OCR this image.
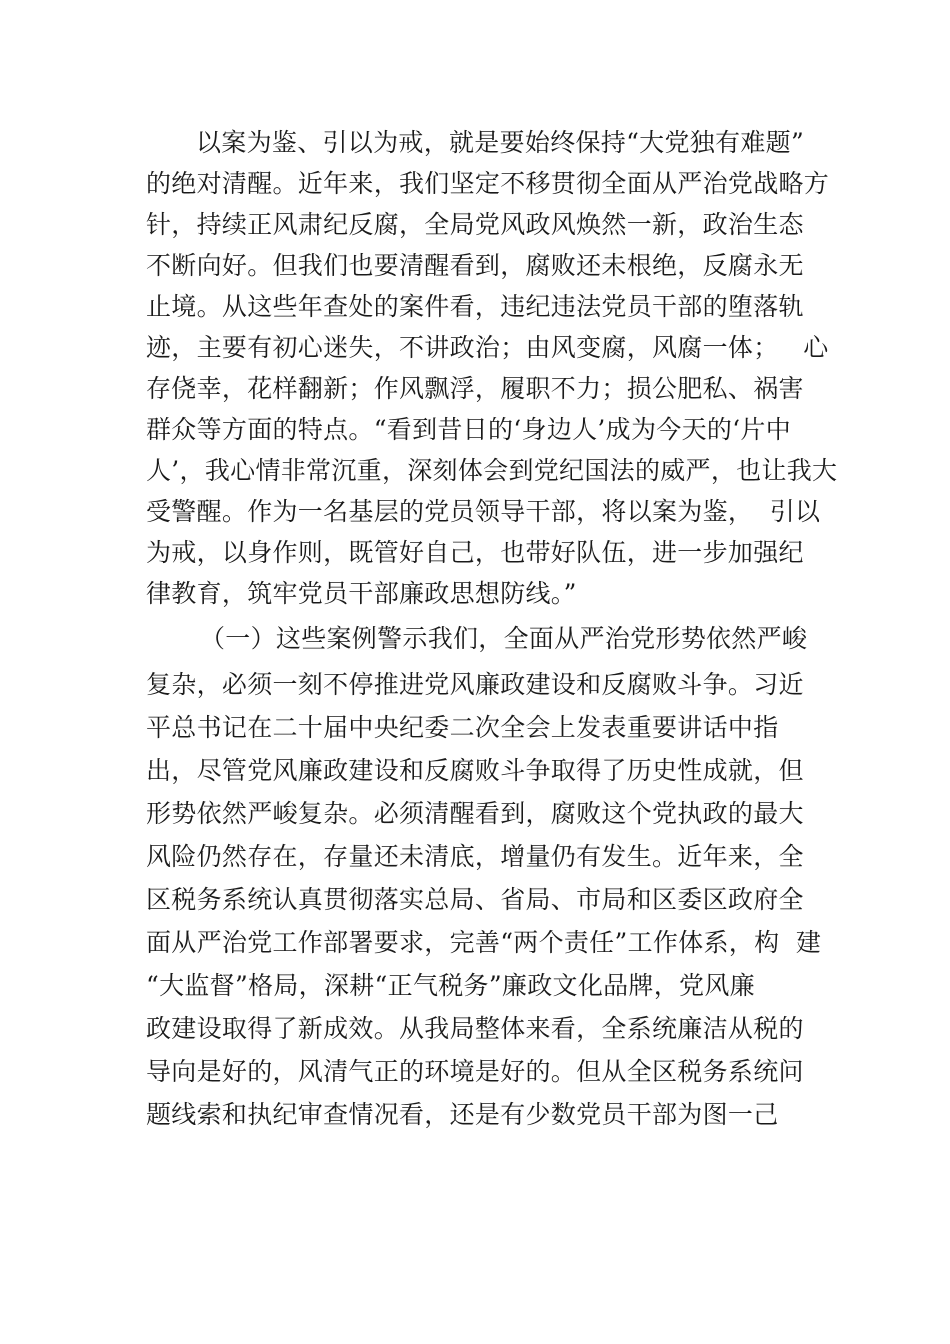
以案为鉴、引以为戒，就是要始终保持“大党独有难题”
的绝对清醒。近年来，我们坚定不移贯彻全面从严治党战略方
针，持续正风肃纪反腐，全局党风政风焕然一新，政治生态
不断向好。但我们也要清醒看到，腐败还未根绝，反腐永无
止境。从这些年查处的案件看，违纪违法党员干部的堕落轨
迹，主要有初心迷失，不讲政治；由风变腐，风腐一体；   心
存侥幸，花样翻新；作风飘浮，履职不力；损公肥私、祸害
群众等方面的特点。“看到昔日的‘身边人’成为今天的‘片中
人’，我心情非常沉重，深刻体会到党纪国法的威严，也让我大
受警醒。作为一名基层的党员领导干部，将以案为鉴，  引以
为戒，以身作则，既管好自己，也带好队伍，进一步加强纪
律教育，筑牢党员干部廉政思想防线。”
（一）这些案例警示我们，全面从严治党形势依然严峻
复杂，必须一刻不停推进党风廉政建设和反腐败斗争。习近
平总书记在二十届中央纪委二次全会上发表重要讲话中指
出，尽管党风廉政建设和反腐败斗争取得了历史性成就，但
形势依然严峻复杂。必须清醒看到，腐败这个党执政的最大
风险仍然存在，存量还未清底，增量仍有发生。近年来，全
区税务系统认真贯彻落实总局、省局、市局和区委区政府全
面从严治党工作部署要求，完善“两个责任”工作体系，构  建
“大监督”格局，深耕“正气税务”廉政文化品牌，党风廉
政建设取得了新成效。从我局整体来看，全系统廉洁从税的
导向是好的，风清气正的环境是好的。但从全区税务系统问
题线索和执纪审查情况看，还是有少数党员干部为图一己
